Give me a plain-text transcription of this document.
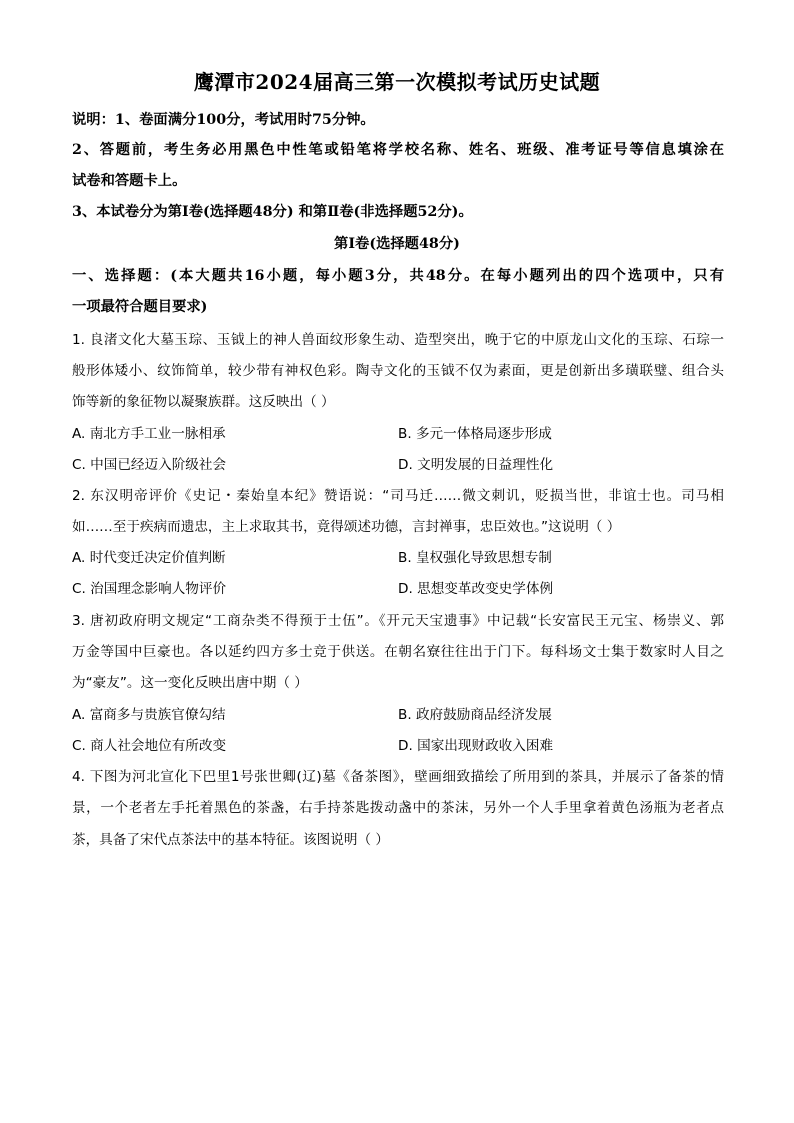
鹰潭市2024届高三第一次模拟考试历史试题
说明：1、卷面满分100分，考试用时75分钟。
2、答题前，考生务必用黑色中性笔或铅笔将学校名称、姓名、班级、准考证号等信息填涂在
试卷和答题卡上。
3、本试卷分为第Ⅰ卷(选择题48分) 和第Ⅱ卷(非选择题52分)。
第Ⅰ卷(选择题48分)
一、选择题：(本大题共16小题，每小题3分，共48分。在每小题列出的四个选项中，只有
一项最符合题目要求)
1. 良渚文化大墓玉琮、玉钺上的神人兽面纹形象生动、造型突出，晚于它的中原龙山文化的玉琮、石琮一
般形体矮小、纹饰简单，较少带有神权色彩。陶寺文化的玉钺不仅为素面，更是创新出多璜联璧、组合头
饰等新的象征物以凝聚族群。这反映出（ ）
A. 南北方手工业一脉相承	B. 多元一体格局逐步形成
C. 中国已经迈入阶级社会	D. 文明发展的日益理性化
2. 东汉明帝评价《史记・秦始皇本纪》赞语说：“司马迁……微文刺讥，贬损当世，非谊士也。司马相
如……至于疾病而遗忠，主上求取其书，竟得颂述功德，言封禅事，忠臣效也。”这说明（ ）
A. 时代变迁决定价值判断	B. 皇权强化导致思想专制
C. 治国理念影响人物评价	D. 思想变革改变史学体例
3. 唐初政府明文规定“工商杂类不得预于士伍”。《开元天宝遗事》中记载“长安富民王元宝、杨崇义、郭
万金等国中巨豪也。各以延约四方多士竞于供送。在朝名寮往往出于门下。每科场文士集于数家时人目之
为“豪友”。这一变化反映出唐中期（ ）
A. 富商多与贵族官僚勾结	B. 政府鼓励商品经济发展
C. 商人社会地位有所改变	D. 国家出现财政收入困难
4. 下图为河北宣化下巴里1号张世卿(辽)墓《备茶图》，壁画细致描绘了所用到的茶具，并展示了备茶的情
景，一个老者左手托着黑色的茶盏，右手持茶匙拨动盏中的茶沫，另外一个人手里拿着黄色汤瓶为老者点
茶，具备了宋代点茶法中的基本特征。该图说明（ ）
